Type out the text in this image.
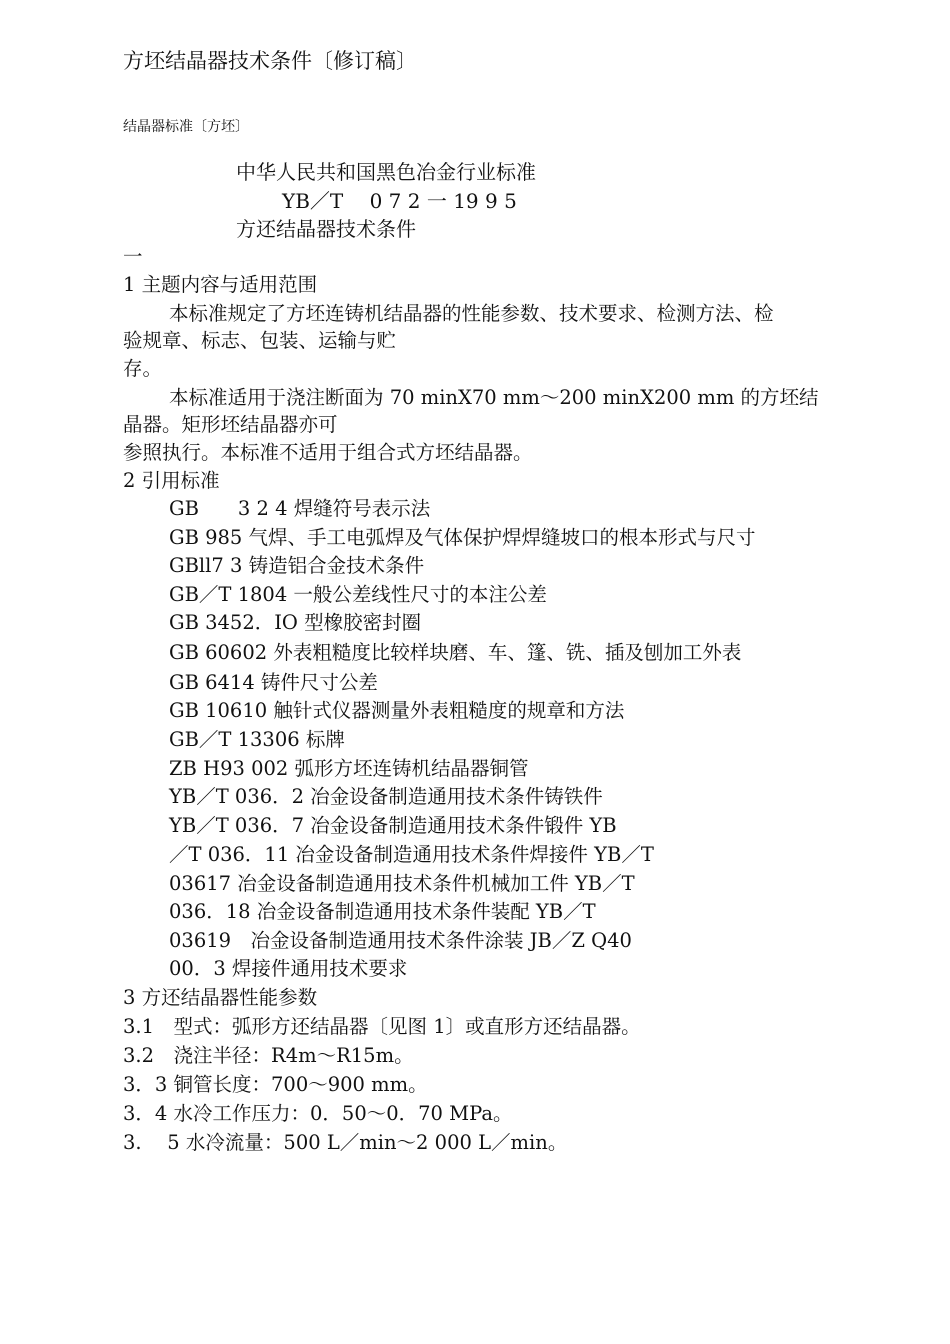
方坯结晶器技术条件〔修订稿〕
结晶器标准〔方坯〕
中华人民共和国黑色冶金行业标准
YB／T　 0 7 2 一 19 9 5
方还结晶器技术条件
一
1 主题内容与适用范围
本标准规定了方坯连铸机结晶器的性能参数、技术要求、检测方法、检
验规章、标志、包装、运输与贮
存。
本标准适用于浇注断面为 70 minX70 mm～200 minX200 mm 的方坯结
晶器。矩形坯结晶器亦可
参照执行。本标准不适用于组合式方坯结晶器。
2 引用标准
GB　　3 2 4 焊缝符号表示法
GB 985 气焊、手工电弧焊及气体保护焊焊缝坡口的根本形式与尺寸
GBll7 3 铸造铝合金技术条件
GB／T 1804 一般公差线性尺寸的本注公差
GB 3452．IO 型橡胶密封圈
GB 60602 外表粗糙度比较样块磨、车、篷、铣、插及刨加工外表
GB 6414 铸件尺寸公差
GB 10610 触针式仪器测量外表粗糙度的规章和方法
GB／T 13306 标牌
ZB H93 002 弧形方坯连铸机结晶器铜管
YB／T 036．2 冶金设备制造通用技术条件铸铁件
YB／T 036．7 冶金设备制造通用技术条件锻件 YB
／T 036．11 冶金设备制造通用技术条件焊接件 YB／T
03617 冶金设备制造通用技术条件机械加工件 YB／T
036．18 冶金设备制造通用技术条件装配 YB／T
03619　冶金设备制造通用技术条件涂装 JB／Z Q40
00．3 焊接件通用技术要求
3 方还结晶器性能参数
3.1　型式：弧形方还结晶器〔见图 1〕或直形方还结晶器。
3.2　浇注半径：R4m～R15m。
3．3 铜管长度：700～900 mm。
3．4 水冷工作压力：0．50～0．70 MPa。
3.　 5 水冷流量：500 L／min～2 000 L／min。
